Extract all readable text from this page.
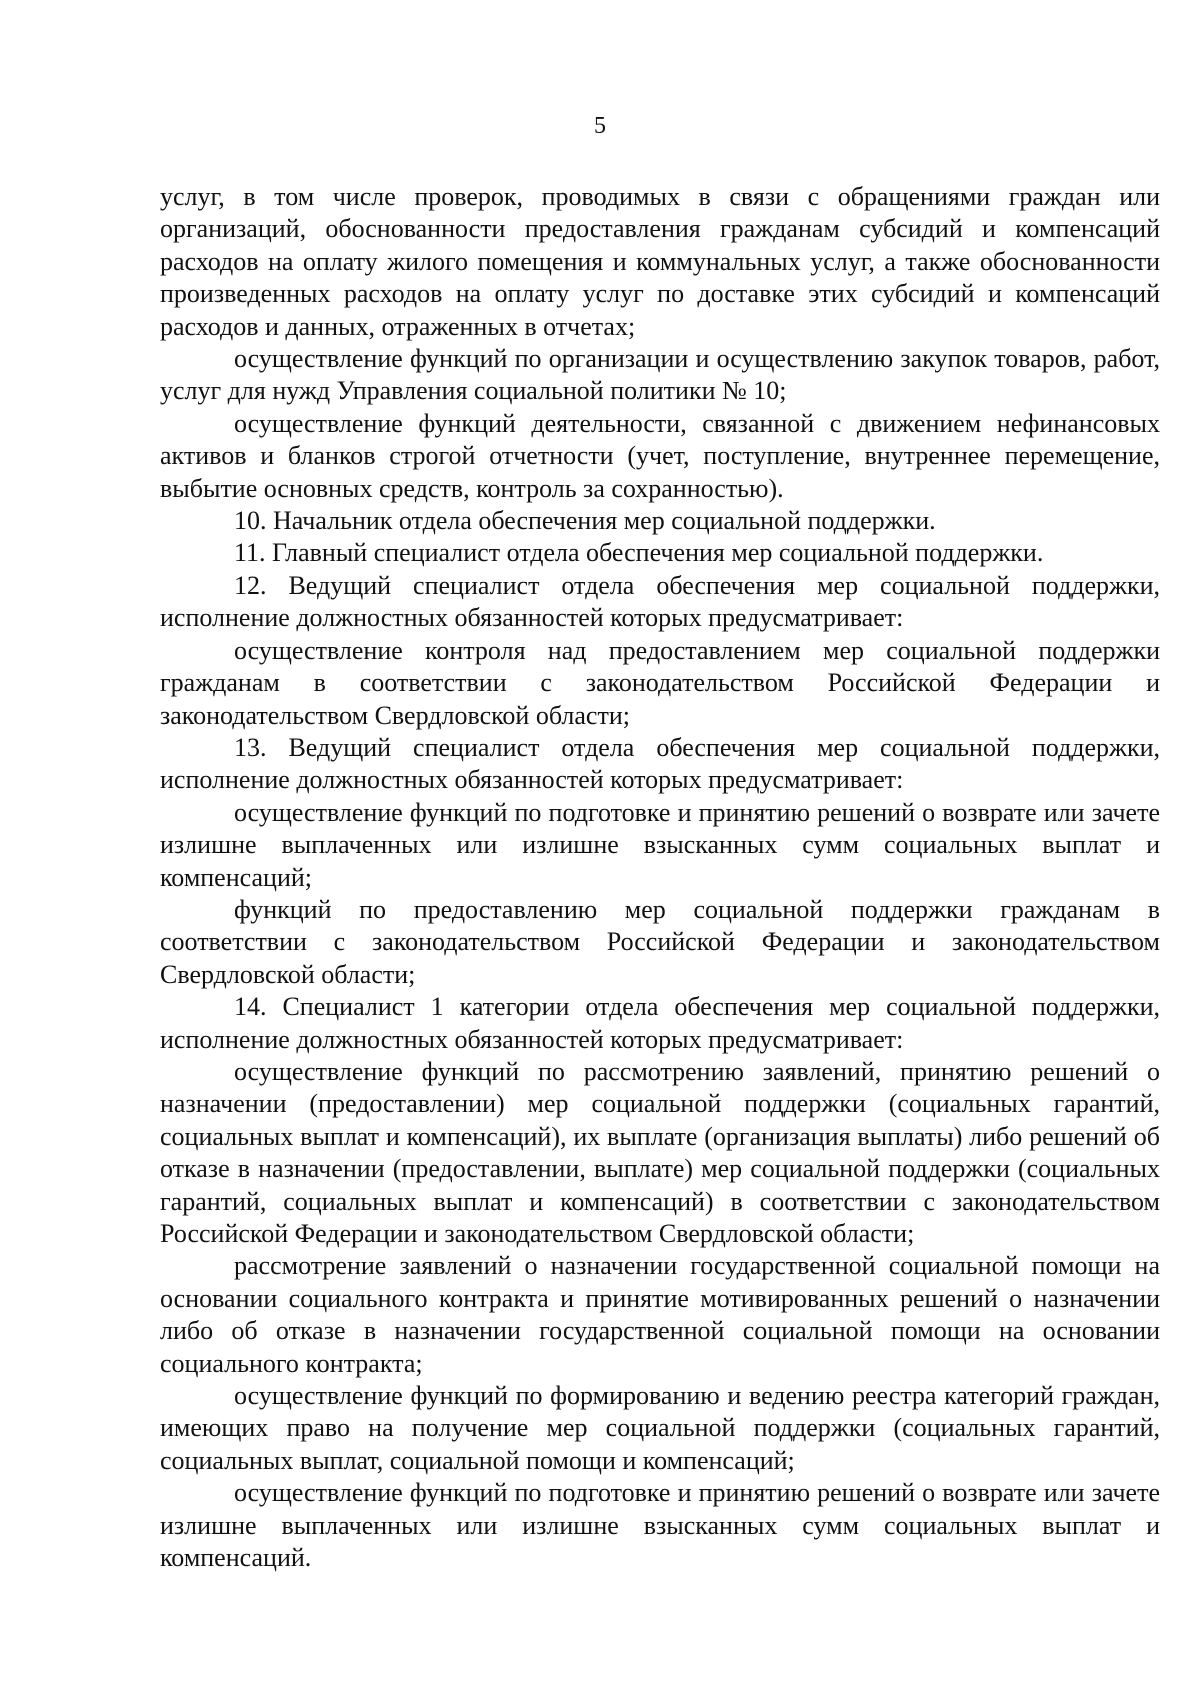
5

услуг, в том числе проверок, проводимых в связи с обращениями граждан или организаций, обоснованности предоставления гражданам субсидий и компенсаций расходов на оплату жилого помещения и коммунальных услуг, а также обоснованности произведенных расходов на оплату услуг по доставке этих субсидий и компенсаций расходов и данных, отраженных в отчетах;

осуществление функций по организации и осуществлению закупок товаров, работ, услуг для нужд Управления социальной политики № 10;

осуществление функций деятельности, связанной с движением нефинансовых активов и бланков строгой отчетности (учет, поступление, внутреннее перемещение, выбытие основных средств, контроль за сохранностью).

10. Начальник отдела обеспечения мер социальной поддержки.

11. Главный специалист отдела обеспечения мер социальной поддержки.

12. Ведущий специалист отдела обеспечения мер социальной поддержки, исполнение должностных обязанностей которых предусматривает:

осуществление контроля над предоставлением мер социальной поддержки гражданам в соответствии с законодательством Российской Федерации и законодательством Свердловской области;

13. Ведущий специалист отдела обеспечения мер социальной поддержки, исполнение должностных обязанностей которых предусматривает:

осуществление функций по подготовке и принятию решений о возврате или зачете излишне выплаченных или излишне взысканных сумм социальных выплат и компенсаций;

функций по предоставлению мер социальной поддержки гражданам в соответствии с законодательством Российской Федерации и законодательством Свердловской области;

14. Специалист 1 категории отдела обеспечения мер социальной поддержки, исполнение должностных обязанностей которых предусматривает:

осуществление функций по рассмотрению заявлений, принятию решений о назначении (предоставлении) мер социальной поддержки (социальных гарантий, социальных выплат и компенсаций), их выплате (организация выплаты) либо решений об отказе в назначении (предоставлении, выплате) мер социальной поддержки (социальных гарантий, социальных выплат и компенсаций) в соответствии с законодательством Российской Федерации и законодательством Свердловской области;

рассмотрение заявлений о назначении государственной социальной помощи на основании социального контракта и принятие мотивированных решений о назначении либо об отказе в назначении государственной социальной помощи на основании социального контракта;

осуществление функций по формированию и ведению реестра категорий граждан, имеющих право на получение мер социальной поддержки (социальных гарантий, социальных выплат, социальной помощи и компенсаций;

осуществление функций по подготовке и принятию решений о возврате или зачете излишне выплаченных или излишне взысканных сумм социальных выплат и компенсаций.
